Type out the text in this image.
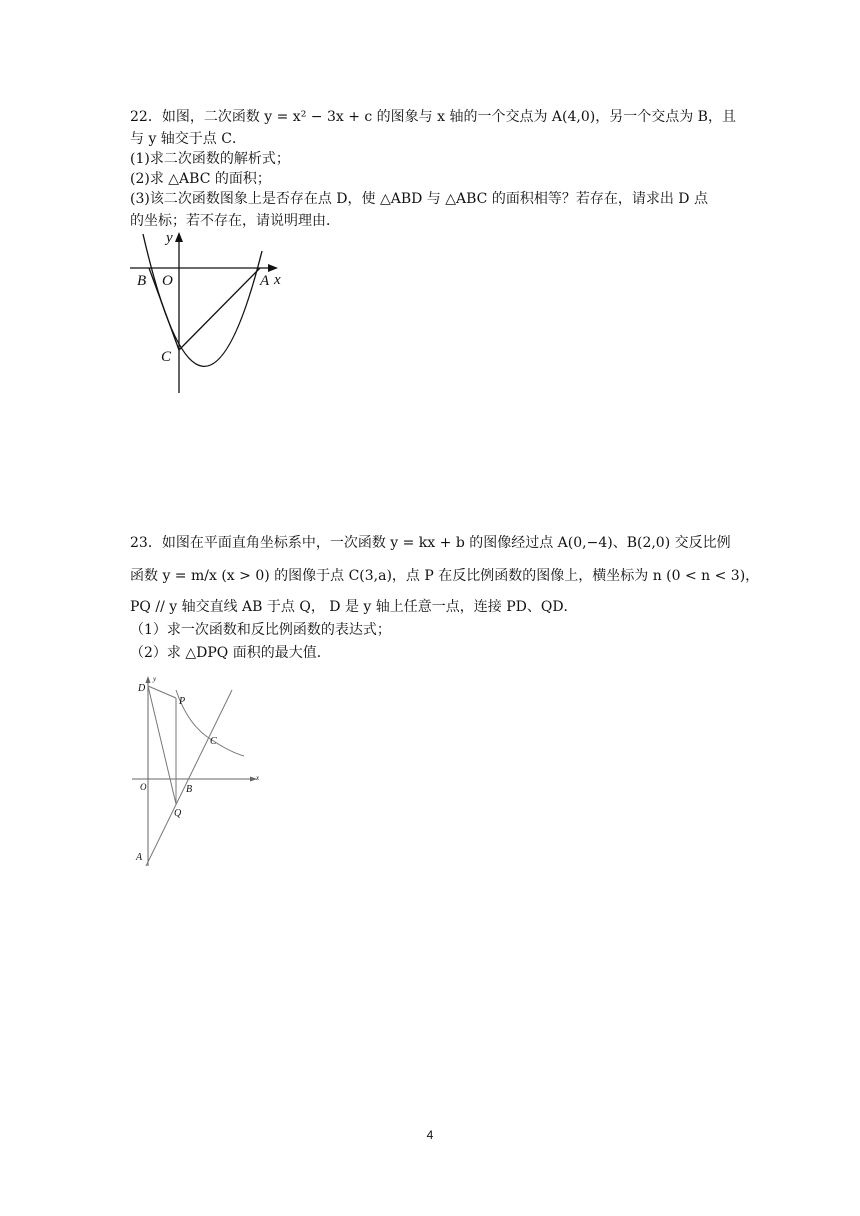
22．如图，二次函数 y = x² − 3x + c 的图象与 x 轴的一个交点为 A(4,0)，另一个交点为 B，且
与 y 轴交于点 C．
(1)求二次函数的解析式；
(2)求 △ABC 的面积；
(3)该二次函数图象上是否存在点 D，使 △ABD 与 △ABC 的面积相等？若存在，请求出 D 点
的坐标；若不存在，请说明理由．
y
x
B O	A
C
23．如图在平面直角坐标系中，一次函数 y = kx + b 的图像经过点 A(0,−4)、B(2,0) 交反比例
函数 y = m/x (x > 0) 的图像于点 C(3,a)，点 P 在反比例函数的图像上，横坐标为 n (0 < n < 3)，
PQ // y 轴交直线 AB 于点 Q， D 是 y 轴上任意一点，连接 PD、QD．
（1）求一次函数和反比例函数的表达式；
（2）求 △DPQ 面积的最大值．
D
y
P
C
x
O	B
Q
A
4
